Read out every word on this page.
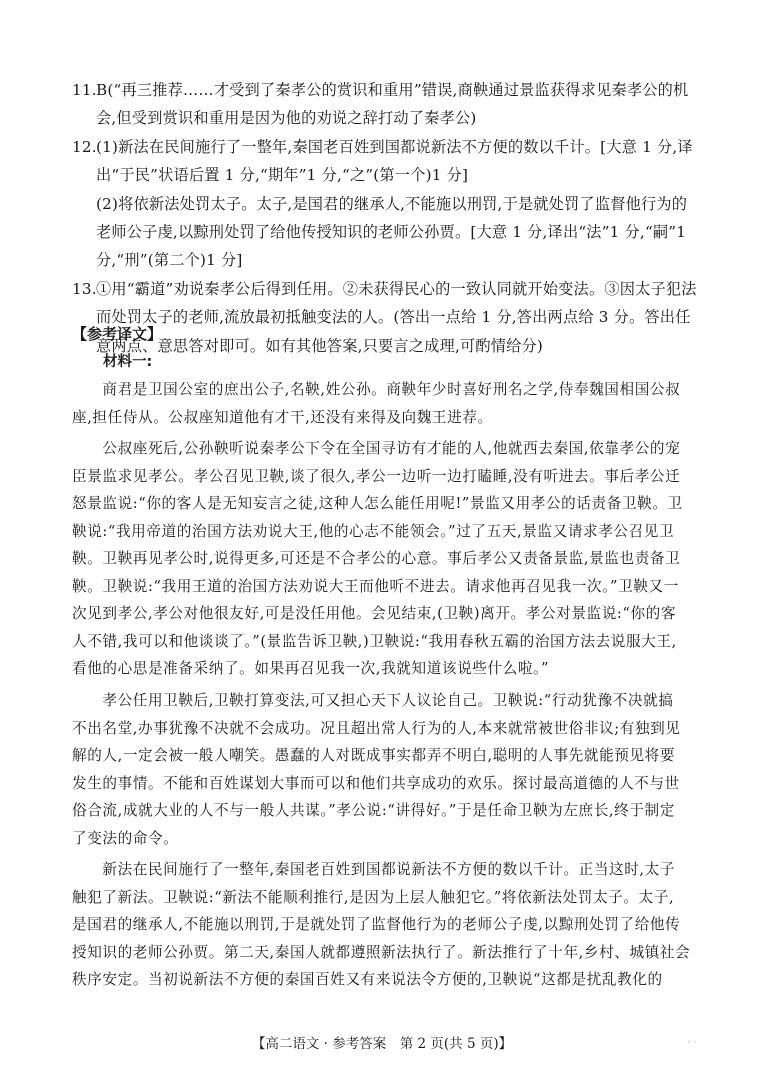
11. B(“再三推荐……才受到了秦孝公的赏识和重用”错误,商鞅通过景监获得求见秦孝公的机

会,但受到赏识和重用是因为他的劝说之辞打动了秦孝公)

12. (1)新法在民间施行了一整年,秦国老百姓到国都说新法不方便的数以千计。[大意 1 分,译

出“于民”状语后置 1 分,“期年”1 分,“之”(第一个)1 分]

(2)将依新法处罚太子。太子,是国君的继承人,不能施以刑罚,于是就处罚了监督他行为的

老师公子虔,以黥刑处罚了给他传授知识的老师公孙贾。[大意 1 分,译出“法”1 分,“嗣”1

分,“刑”(第二个)1 分]

13. ①用“霸道”劝说秦孝公后得到任用。②未获得民心的一致认同就开始变法。③因太子犯法

而处罚太子的老师,流放最初抵触变法的人。(答出一点给 1 分,答出两点给 3 分。答出任

意两点、意思答对即可。如有其他答案,只要言之成理,可酌情给分)

【参考译文】
材料一:

　　商君是卫国公室的庶出公子,名鞅,姓公孙。商鞅年少时喜好刑名之学,侍奉魏国相国公叔

座,担任侍从。公叔座知道他有才干,还没有来得及向魏王进荐。

　　公叔座死后,公孙鞅听说秦孝公下令在全国寻访有才能的人,他就西去秦国,依靠孝公的宠

臣景监求见孝公。孝公召见卫鞅,谈了很久,孝公一边听一边打瞌睡,没有听进去。事后孝公迁

怒景监说:“你的客人是无知妄言之徒,这种人怎么能任用呢!”景监又用孝公的话责备卫鞅。卫

鞅说:“我用帝道的治国方法劝说大王,他的心志不能领会。”过了五天,景监又请求孝公召见卫

鞅。卫鞅再见孝公时,说得更多,可还是不合孝公的心意。事后孝公又责备景监,景监也责备卫

鞅。卫鞅说:“我用王道的治国方法劝说大王而他听不进去。请求他再召见我一次。”卫鞅又一

次见到孝公,孝公对他很友好,可是没任用他。会见结束,(卫鞅)离开。孝公对景监说:“你的客

人不错,我可以和他谈谈了。”(景监告诉卫鞅,)卫鞅说:“我用春秋五霸的治国方法去说服大王,

看他的心思是准备采纳了。如果再召见我一次,我就知道该说些什么啦。”

　　孝公任用卫鞅后,卫鞅打算变法,可又担心天下人议论自己。卫鞅说:“行动犹豫不决就搞

不出名堂,办事犹豫不决就不会成功。况且超出常人行为的人,本来就常被世俗非议;有独到见

解的人,一定会被一般人嘲笑。愚蠢的人对既成事实都弄不明白,聪明的人事先就能预见将要

发生的事情。不能和百姓谋划大事而可以和他们共享成功的欢乐。探讨最高道德的人不与世

俗合流,成就大业的人不与一般人共谋。”孝公说:“讲得好。”于是任命卫鞅为左庶长,终于制定

了变法的命令。

　　新法在民间施行了一整年,秦国老百姓到国都说新法不方便的数以千计。正当这时,太子

触犯了新法。卫鞅说:“新法不能顺利推行,是因为上层人触犯它。”将依新法处罚太子。太子,

是国君的继承人,不能施以刑罚,于是就处罚了监督他行为的老师公子虔,以黥刑处罚了给他传

授知识的老师公孙贾。第二天,秦国人就都遵照新法执行了。新法推行了十年,乡村、城镇社会

秩序安定。当初说新法不方便的秦国百姓又有来说法令方便的,卫鞅说“这都是扰乱教化的

【高二语文 · 参考答案　第 2 页(共 5 页)】	· ·
